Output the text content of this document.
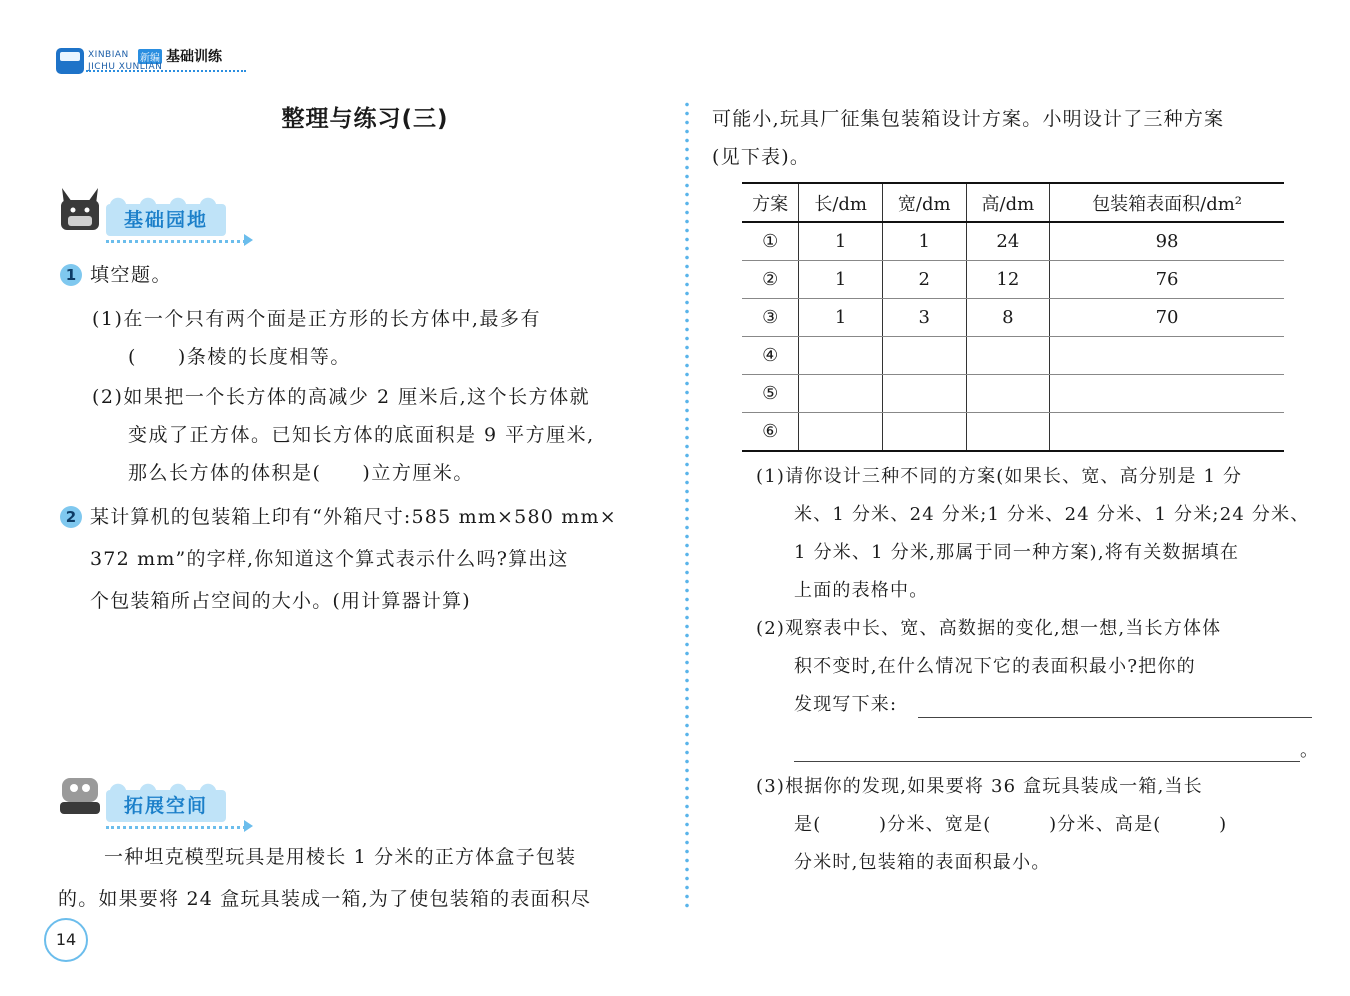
XINBIAN 新编 基础训练
JICHU XUNLIAN
整理与练习(三)
基础园地
1 填空题。
(1)在一个只有两个面是正方形的长方体中,最多有
(　　)条棱的长度相等。
(2)如果把一个长方体的高减少 2 厘米后,这个长方体就
变成了正方体。已知长方体的底面积是 9 平方厘米,
那么长方体的体积是(　　)立方厘米。
2 某计算机的包装箱上印有“外箱尺寸:585 mm×580 mm×
372 mm”的字样,你知道这个算式表示什么吗?算出这
个包装箱所占空间的大小。(用计算器计算)
拓展空间
一种坦克模型玩具是用棱长 1 分米的正方体盒子包装
的。如果要将 24 盒玩具装成一箱,为了使包装箱的表面积尽
可能小,玩具厂征集包装箱设计方案。小明设计了三种方案
(见下表)。
方案	长/dm	宽/dm	高/dm	包装箱表面积/dm²
①	1	1	24	98
②	1	2	12	76
③	1	3	8	70
④				
⑤				
⑥				
(1)请你设计三种不同的方案(如果长、宽、高分别是 1 分
米、1 分米、24 分米;1 分米、24 分米、1 分米;24 分米、
1 分米、1 分米,那属于同一种方案),将有关数据填在
上面的表格中。
(2)观察表中长、宽、高数据的变化,想一想,当长方体体
积不变时,在什么情况下它的表面积最小?把你的
发现写下来:
。
(3)根据你的发现,如果要将 36 盒玩具装成一箱,当长
是(　　　)分米、宽是(　　　)分米、高是(　　　)
分米时,包装箱的表面积最小。
14
